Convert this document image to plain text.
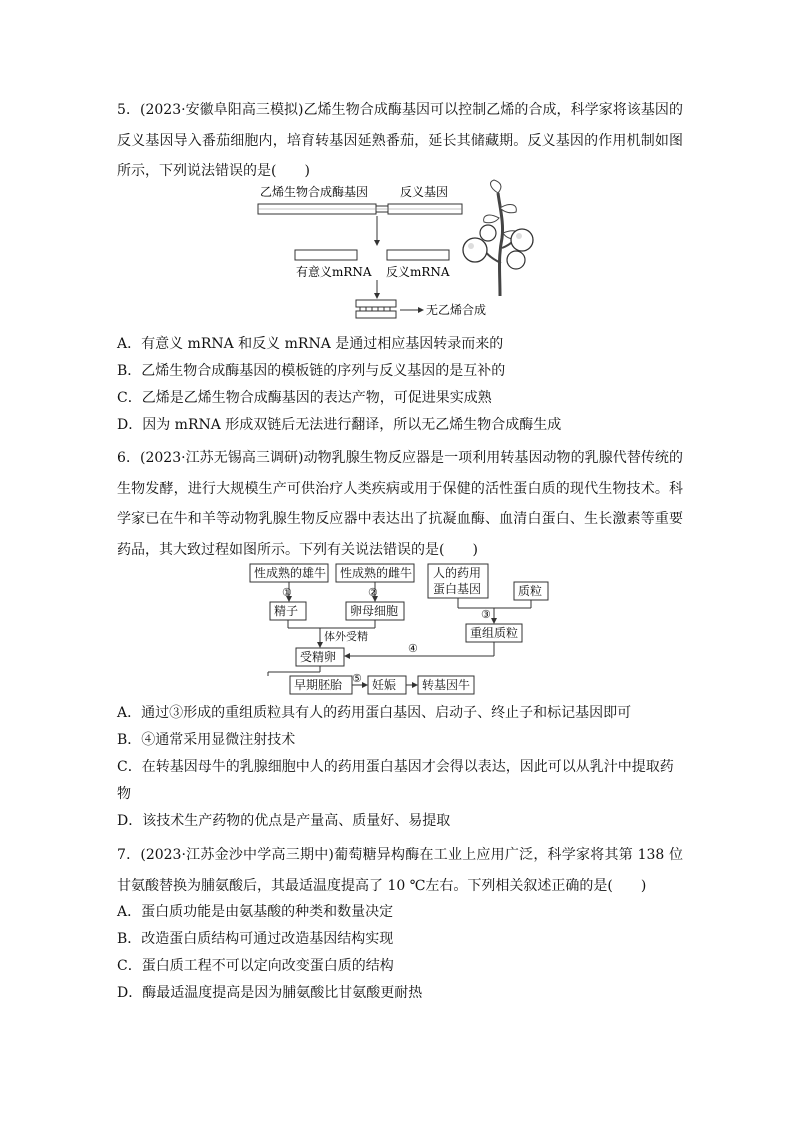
5．(2023·安徽阜阳高三模拟)乙烯生物合成酶基因可以控制乙烯的合成，科学家将该基因的反义基因导入番茄细胞内，培育转基因延熟番茄，延长其储藏期。反义基因的作用机制如图所示，下列说法错误的是(　　)
乙烯生物合成酶基因	反义基因
有意义mRNA 反义mRNA
无乙烯合成
A．有意义 mRNA 和反义 mRNA 是通过相应基因转录而来的
B．乙烯生物合成酶基因的模板链的序列与反义基因的是互补的
C．乙烯是乙烯生物合成酶基因的表达产物，可促进果实成熟
D．因为 mRNA 形成双链后无法进行翻译，所以无乙烯生物合成酶生成
6．(2023·江苏无锡高三调研)动物乳腺生物反应器是一项利用转基因动物的乳腺代替传统的生物发酵，进行大规模生产可供治疗人类疾病或用于保健的活性蛋白质的现代生物技术。科学家已在牛和羊等动物乳腺生物反应器中表达出了抗凝血酶、血清白蛋白、生长激素等重要药品，其大致过程如图所示。下列有关说法错误的是(　　)
性成熟的雄牛 性成熟的雌牛 人的药用
蛋白基因	质粒
①	②
精子	卵母细胞	③
重组质粒
体外受精
④
受精卵
早期胚胎 ⑤ 妊娠 转基因牛
A．通过③形成的重组质粒具有人的药用蛋白基因、启动子、终止子和标记基因即可
B．④通常采用显微注射技术
C．在转基因母牛的乳腺细胞中人的药用蛋白基因才会得以表达，因此可以从乳汁中提取药物
D．该技术生产药物的优点是产量高、质量好、易提取
7．(2023·江苏金沙中学高三期中)葡萄糖异构酶在工业上应用广泛，科学家将其第 138 位甘氨酸替换为脯氨酸后，其最适温度提高了 10 ℃左右。下列相关叙述正确的是(　　)
A．蛋白质功能是由氨基酸的种类和数量决定
B．改造蛋白质结构可通过改造基因结构实现
C．蛋白质工程不可以定向改变蛋白质的结构
D．酶最适温度提高是因为脯氨酸比甘氨酸更耐热
